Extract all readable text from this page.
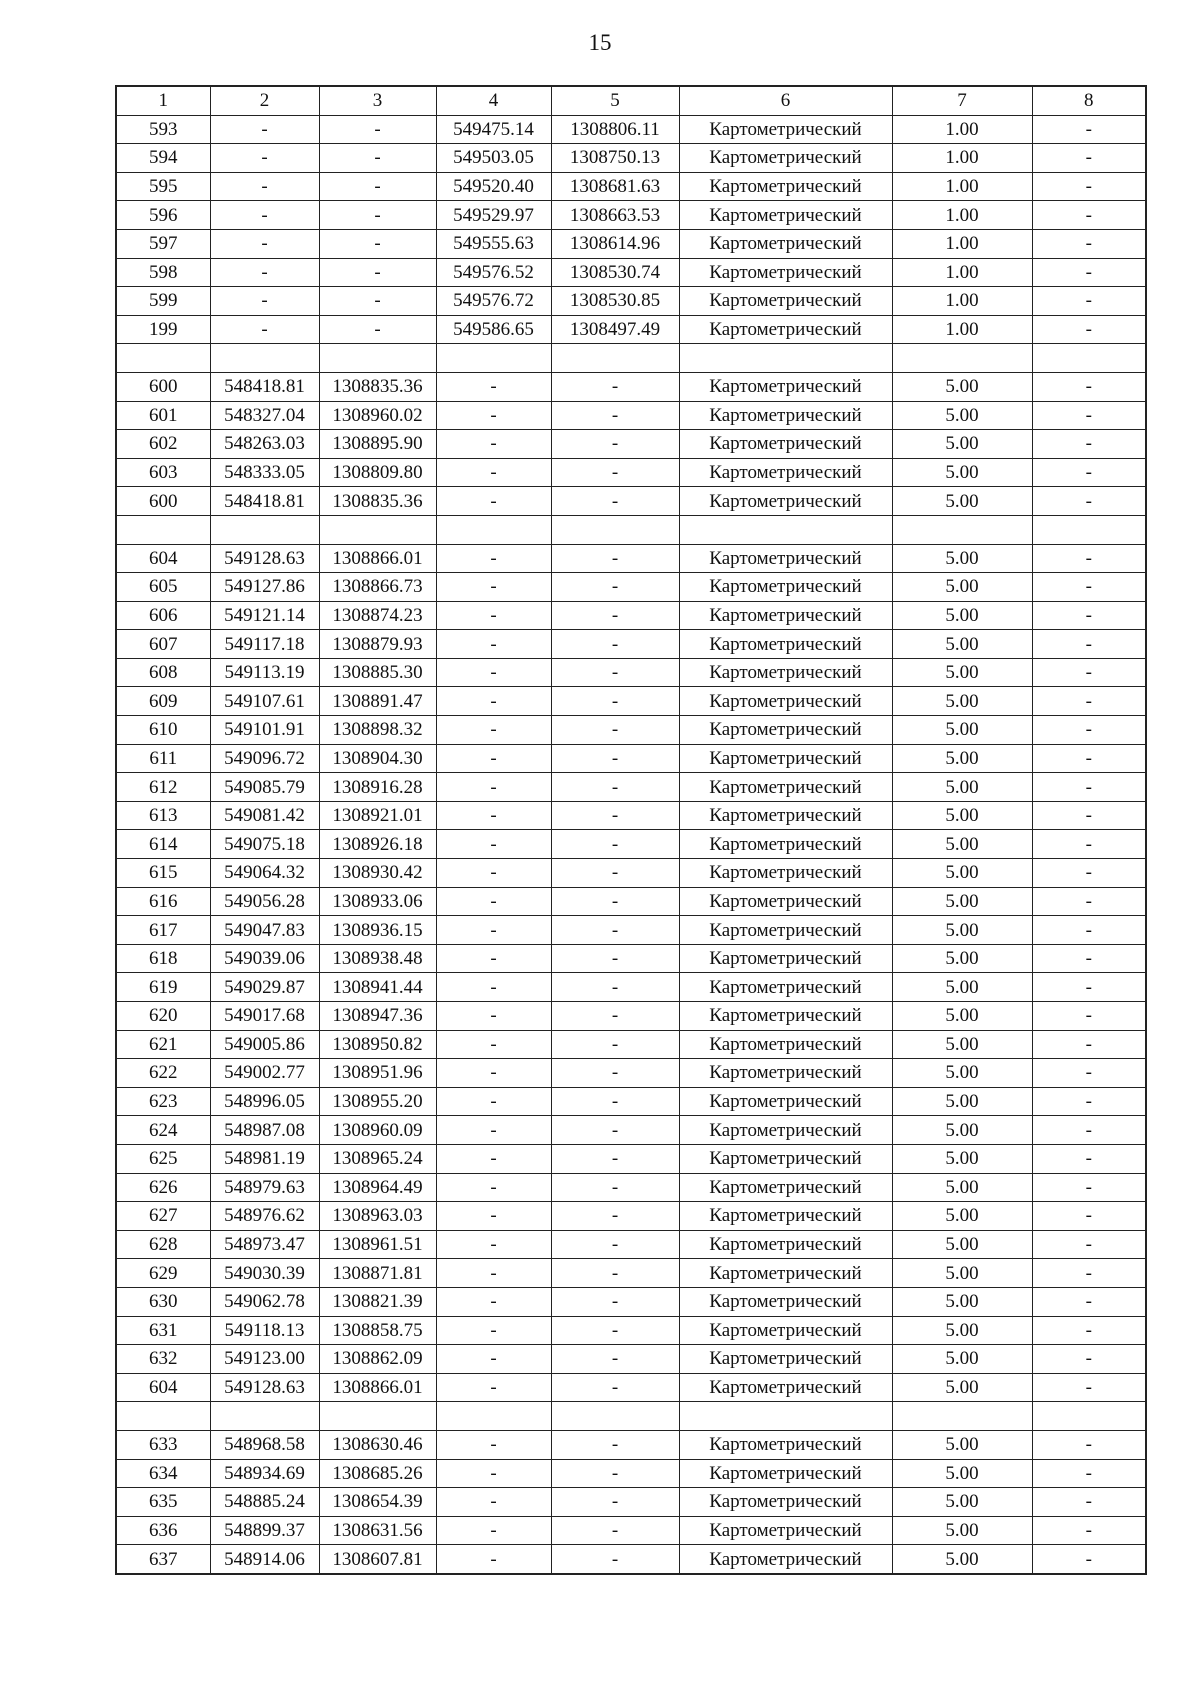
15
1	2	3	4	5	6	7	8
593	-	-	549475.14	1308806.11	Картометрический	1.00	-
594	-	-	549503.05	1308750.13	Картометрический	1.00	-
595	-	-	549520.40	1308681.63	Картометрический	1.00	-
596	-	-	549529.97	1308663.53	Картометрический	1.00	-
597	-	-	549555.63	1308614.96	Картометрический	1.00	-
598	-	-	549576.52	1308530.74	Картометрический	1.00	-
599	-	-	549576.72	1308530.85	Картометрический	1.00	-
199	-	-	549586.65	1308497.49	Картометрический	1.00	-

600	548418.81	1308835.36	-	-	Картометрический	5.00	-
601	548327.04	1308960.02	-	-	Картометрический	5.00	-
602	548263.03	1308895.90	-	-	Картометрический	5.00	-
603	548333.05	1308809.80	-	-	Картометрический	5.00	-
600	548418.81	1308835.36	-	-	Картометрический	5.00	-

604	549128.63	1308866.01	-	-	Картометрический	5.00	-
605	549127.86	1308866.73	-	-	Картометрический	5.00	-
606	549121.14	1308874.23	-	-	Картометрический	5.00	-
607	549117.18	1308879.93	-	-	Картометрический	5.00	-
608	549113.19	1308885.30	-	-	Картометрический	5.00	-
609	549107.61	1308891.47	-	-	Картометрический	5.00	-
610	549101.91	1308898.32	-	-	Картометрический	5.00	-
611	549096.72	1308904.30	-	-	Картометрический	5.00	-
612	549085.79	1308916.28	-	-	Картометрический	5.00	-
613	549081.42	1308921.01	-	-	Картометрический	5.00	-
614	549075.18	1308926.18	-	-	Картометрический	5.00	-
615	549064.32	1308930.42	-	-	Картометрический	5.00	-
616	549056.28	1308933.06	-	-	Картометрический	5.00	-
617	549047.83	1308936.15	-	-	Картометрический	5.00	-
618	549039.06	1308938.48	-	-	Картометрический	5.00	-
619	549029.87	1308941.44	-	-	Картометрический	5.00	-
620	549017.68	1308947.36	-	-	Картометрический	5.00	-
621	549005.86	1308950.82	-	-	Картометрический	5.00	-
622	549002.77	1308951.96	-	-	Картометрический	5.00	-
623	548996.05	1308955.20	-	-	Картометрический	5.00	-
624	548987.08	1308960.09	-	-	Картометрический	5.00	-
625	548981.19	1308965.24	-	-	Картометрический	5.00	-
626	548979.63	1308964.49	-	-	Картометрический	5.00	-
627	548976.62	1308963.03	-	-	Картометрический	5.00	-
628	548973.47	1308961.51	-	-	Картометрический	5.00	-
629	549030.39	1308871.81	-	-	Картометрический	5.00	-
630	549062.78	1308821.39	-	-	Картометрический	5.00	-
631	549118.13	1308858.75	-	-	Картометрический	5.00	-
632	549123.00	1308862.09	-	-	Картометрический	5.00	-
604	549128.63	1308866.01	-	-	Картометрический	5.00	-

633	548968.58	1308630.46	-	-	Картометрический	5.00	-
634	548934.69	1308685.26	-	-	Картометрический	5.00	-
635	548885.24	1308654.39	-	-	Картометрический	5.00	-
636	548899.37	1308631.56	-	-	Картометрический	5.00	-
637	548914.06	1308607.81	-	-	Картометрический	5.00	-
